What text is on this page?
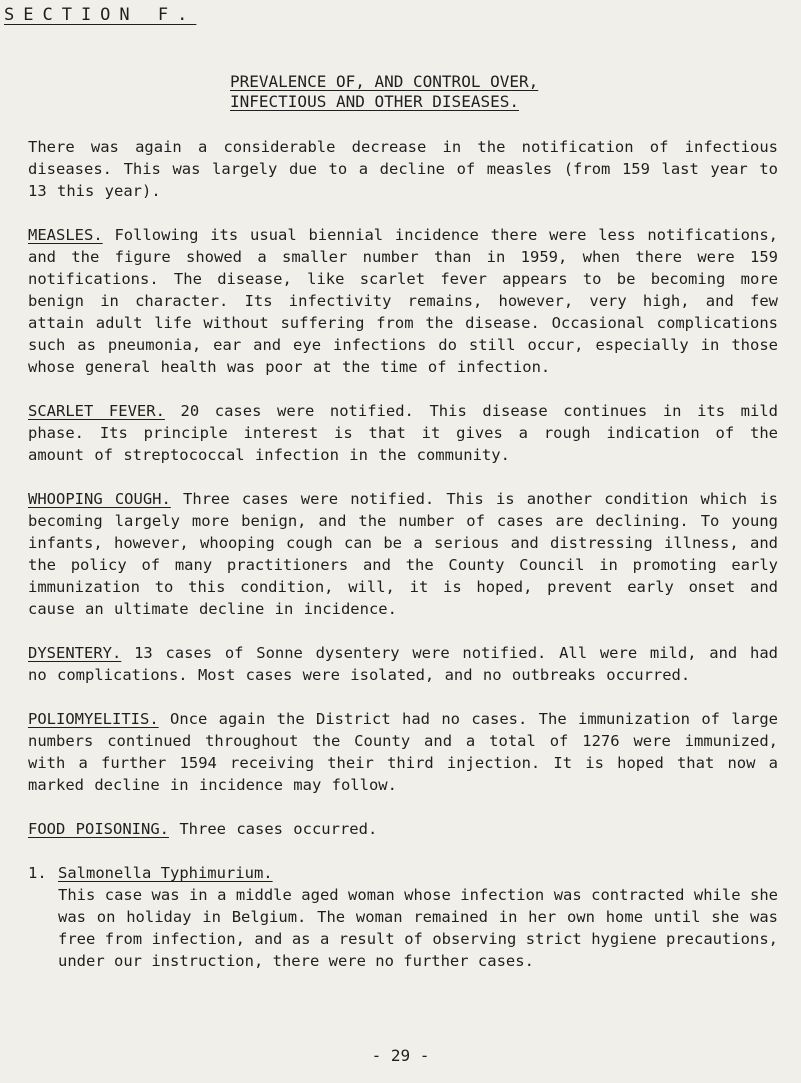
SECTION F.
PREVALENCE OF, AND CONTROL OVER,
INFECTIOUS AND OTHER DISEASES.

There was again a considerable decrease in the notification of infectious diseases. This was largely due to a decline of measles (from 159 last year to 13 this year).

MEASLES. Following its usual biennial incidence there were less notifications, and the figure showed a smaller number than in 1959, when there were 159 notifications. The disease, like scarlet fever appears to be becoming more benign in character. Its infectivity remains, however, very high, and few attain adult life without suffering from the disease. Occasional complications such as pneumonia, ear and eye infections do still occur, especially in those whose general health was poor at the time of infection.

SCARLET FEVER. 20 cases were notified. This disease continues in its mild phase. Its principle interest is that it gives a rough indication of the amount of streptococcal infection in the community.

WHOOPING COUGH. Three cases were notified. This is another condition which is becoming largely more benign, and the number of cases are declining. To young infants, however, whooping cough can be a serious and distressing illness, and the policy of many practitioners and the County Council in promoting early immunization to this condition, will, it is hoped, prevent early onset and cause an ultimate decline in incidence.

DYSENTERY. 13 cases of Sonne dysentery were notified. All were mild, and had no complications. Most cases were isolated, and no outbreaks occurred.

POLIOMYELITIS. Once again the District had no cases. The immunization of large numbers continued throughout the County and a total of 1276 were immunized, with a further 1594 receiving their third injection. It is hoped that now a marked decline in incidence may follow.

FOOD POISONING. Three cases occurred.

1. Salmonella Typhimurium.
This case was in a middle aged woman whose infection was contracted while she was on holiday in Belgium. The woman remained in her own home until she was free from infection, and as a result of observing strict hygiene precautions, under our instruction, there were no further cases.
- 29 -
